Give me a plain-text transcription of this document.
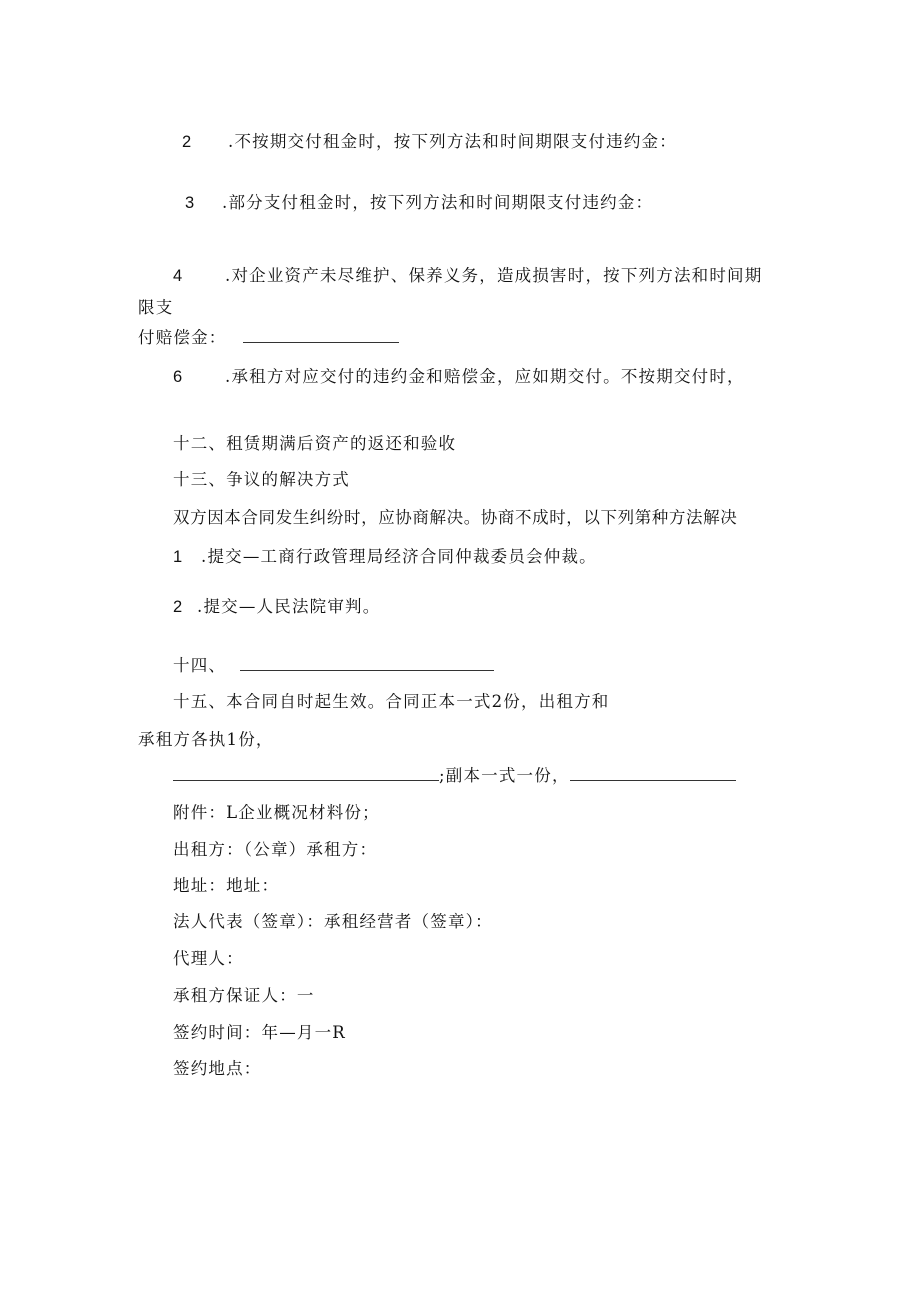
2 .不按期交付租金时，按下列方法和时间期限支付违约金：
3 .部分支付租金时，按下列方法和时间期限支付违约金：
4	.对企业资产未尽维护、保养义务，造成损害时，按下列方法和时间期
限支
付赔偿金：
6	.承租方对应交付的违约金和赔偿金，应如期交付。不按期交付时，
十二、租赁期满后资产的返还和验收
十三、争议的解决方式
双方因本合同发生纠纷时，应协商解决。协商不成时，以下列第种方法解决
1 .提交—工商行政管理局经济合同仲裁委员会仲裁。
2 .提交—人民法院审判。
十四、
十五、本合同自时起生效。合同正本一式2份，出租方和
承租方各执1份，
;副本一式一份，
附件：L企业概况材料份；
出租方：（公章）承租方：
地址：地址：
法人代表（签章）：承租经营者（签章）：
代理人：
承租方保证人：一
签约时间：年—月一R
签约地点：
